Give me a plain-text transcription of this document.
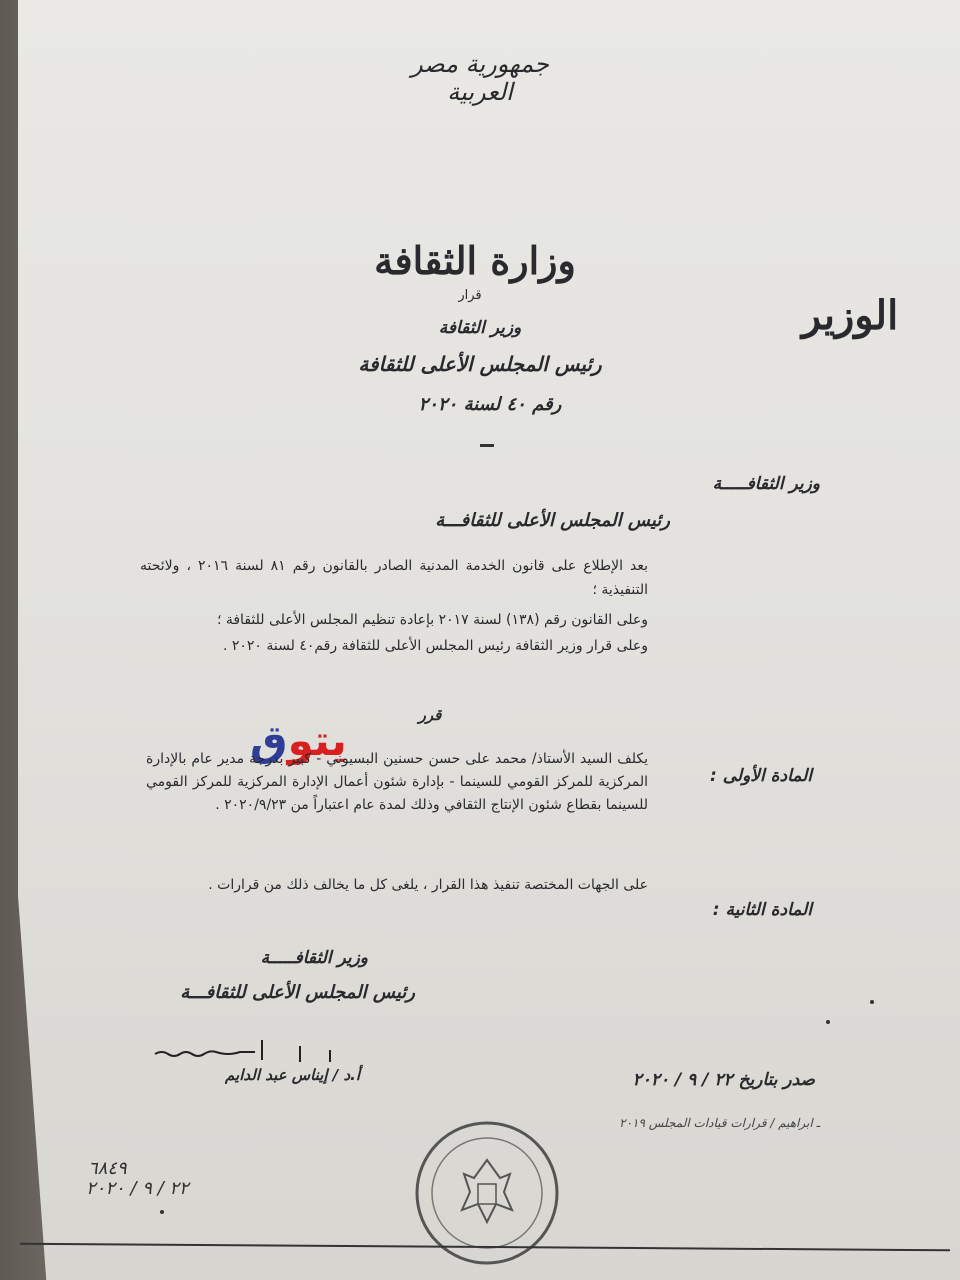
جمهورية مصر العربية
وزارة الثقافة
الوزير
قرار
وزير الثقافة
رئيس المجلس الأعلى للثقافة
رقم ٤٠ لسنة ٢٠٢٠
وزير الثقافـــــة
رئيس المجلس الأعلى للثقافـــة
بعد الإطلاع على قانون الخدمة المدنية الصادر بالقانون رقم ٨١ لسنة ٢٠١٦ ، ولائحته التنفيذية ؛
وعلى القانون رقم (١٣٨) لسنة ٢٠١٧ بإعادة تنظيم المجلس الأعلى للثقافة ؛
وعلى قرار وزير الثقافة رئيس المجلس الأعلى للثقافة رقم٤٠ لسنة ٢٠٢٠ .
قرر
يتوق
المادة الأولى :
يكلف السيد الأستاذ/ محمد على حسن حسنين البسيوني - كبير بدرجة مدير عام بالإدارة المركزية للمركز القومي للسينما - بإدارة شئون أعمال الإدارة المركزية للمركز القومي للسينما بقطاع شئون الإنتاج الثقافي وذلك لمدة عام اعتباراً من ٢٠٢٠/٩/٢٣ .
المادة الثانية :
على الجهات المختصة تنفيذ هذا القرار ، يلغى كل ما يخالف ذلك من قرارات .
وزير الثقافـــــة
رئيس المجلس الأعلى للثقافـــة
أ.د / إيناس عبد الدايم	صدر بتاريخ ٢٢ / ٩ / ٢٠٢٠
ـ ابراهيم / قرارات قيادات المجلس ٢٠١٩
٦٨٤٩
٢٢ / ٩ / ٢٠٢٠
